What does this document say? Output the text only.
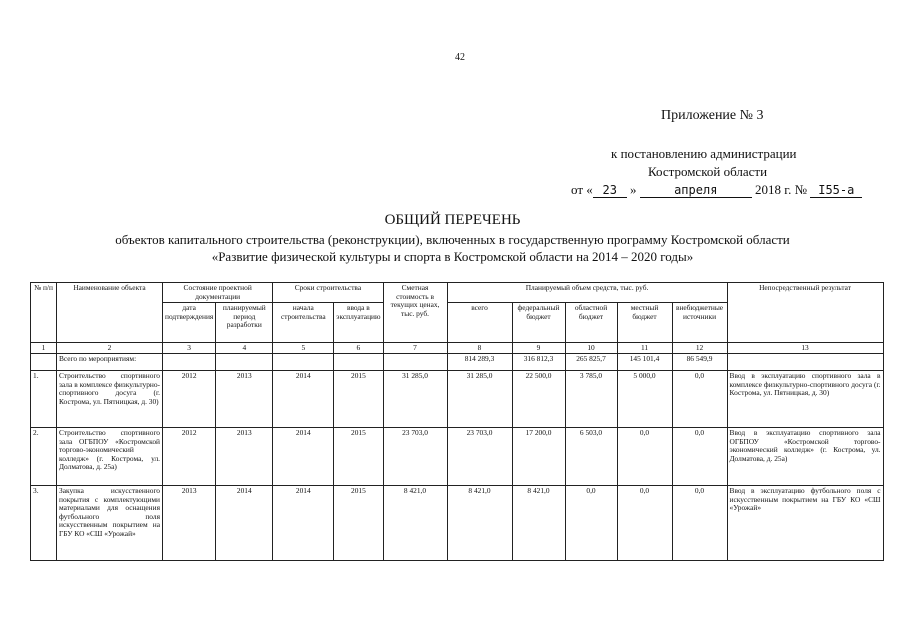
42
Приложение № 3
к постановлению администрации
Костромской области
от « 23 »	апреля	2018 г. № I55-а
ОБЩИЙ ПЕРЕЧЕНЬ
объектов капитального строительства (реконструкции), включенных в государственную программу Костромской области
«Развитие физической культуры и спорта в Костромской области на 2014 – 2020 годы»
№ п/п	Наименование объекта	Состояние проектной документации		Сроки строительства		Сметная стоимость в текущих ценах, тыс. руб.	Планируемый объем средств, тыс. руб.					Непосредственный результат
		дата подтверждения	планируемый период разработки	начала строительства	ввода в эксплуатацию		всего	федеральный бюджет	областной бюджет	местный бюджет	внебюджетные источники	
1	2	3	4	5	6	7	8	9	10	11	12	13
	Всего по мероприятиям:						814 289,3	316 812,3	265 825,7	145 101,4	86 549,9	
1.	Строительство спортивного зала в комплексе физкультурно-спортивного досуга (г. Кострома, ул. Пятницкая, д. 30)	2012	2013	2014	2015	31 285,0	31 285,0	22 500,0	3 785,0	5 000,0	0,0	Ввод в эксплуатацию спортивного зала в комплексе физкультурно-спортивного досуга (г. Кострома, ул. Пятницкая, д. 30)
2.	Строительство спортивного зала ОГБПОУ «Костромской торгово-экономический колледж» (г. Кострома, ул. Долматова, д. 25а)	2012	2013	2014	2015	23 703,0	23 703,0	17 200,0	6 503,0	0,0	0,0	Ввод в эксплуатацию спортивного зала ОГБПОУ «Костромской торгово-экономический колледж» (г. Кострома, ул. Долматова, д. 25а)
3.	Закупка искусственного покрытия с комплектующими материалами для оснащения футбольного поля искусственным покрытием на ГБУ КО «СШ «Урожай»	2013	2014	2014	2015	8 421,0	8 421,0	8 421,0	0,0	0,0	0,0	Ввод в эксплуатацию футбольного поля с искусственным покрытием на ГБУ КО «СШ «Урожай»
